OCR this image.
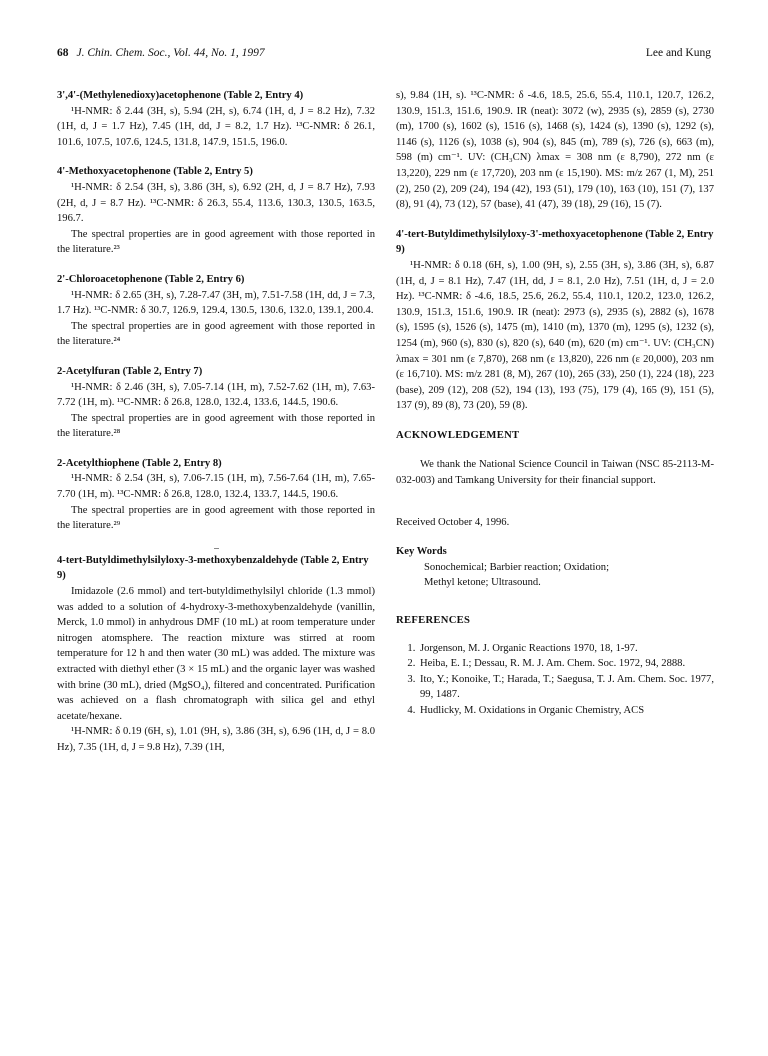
68 J. Chin. Chem. Soc., Vol. 44, No. 1, 1997	Lee and Kung
3',4'-(Methylenedioxy)acetophenone (Table 2, Entry 4)

¹H-NMR: δ 2.44 (3H, s), 5.94 (2H, s), 6.74 (1H, d, J = 8.2 Hz), 7.32 (1H, d, J = 1.7 Hz), 7.45 (1H, dd, J = 8.2, 1.7 Hz). ¹³C-NMR: δ 26.1, 101.6, 107.5, 107.6, 124.5, 131.8, 147.9, 151.5, 196.0.

4'-Methoxyacetophenone (Table 2, Entry 5)

¹H-NMR: δ 2.54 (3H, s), 3.86 (3H, s), 6.92 (2H, d, J = 8.7 Hz), 7.93 (2H, d, J = 8.7 Hz). ¹³C-NMR: δ 26.3, 55.4, 113.6, 130.3, 130.5, 163.5, 196.7.

The spectral properties are in good agreement with those reported in the literature.²³

2'-Chloroacetophenone (Table 2, Entry 6)

¹H-NMR: δ 2.65 (3H, s), 7.28-7.47 (3H, m), 7.51-7.58 (1H, dd, J = 7.3, 1.7 Hz). ¹³C-NMR: δ 30.7, 126.9, 129.4, 130.5, 130.6, 132.0, 139.1, 200.4.

The spectral properties are in good agreement with those reported in the literature.²⁴

2-Acetylfuran (Table 2, Entry 7)

¹H-NMR: δ 2.46 (3H, s), 7.05-7.14 (1H, m), 7.52-7.62 (1H, m), 7.63-7.72 (1H, m). ¹³C-NMR: δ 26.8, 128.0, 132.4, 133.6, 144.5, 190.6.

The spectral properties are in good agreement with those reported in the literature.²⁸

2-Acetylthiophene (Table 2, Entry 8)

¹H-NMR: δ 2.54 (3H, s), 7.06-7.15 (1H, m), 7.56-7.64 (1H, m), 7.65-7.70 (1H, m). ¹³C-NMR: δ 26.8, 128.0, 132.4, 133.7, 144.5, 190.6.

The spectral properties are in good agreement with those reported in the literature.²⁹

4-tert-Butyldimethylsilyloxy-3-methoxybenzaldehyde (Table 2, Entry 9)

Imidazole (2.6 mmol) and tert-butyldimethylsilyl chloride (1.3 mmol) was added to a solution of 4-hydroxy-3-methoxybenzaldehyde (vanillin, Merck, 1.0 mmol) in anhydrous DMF (10 mL) at room temperature under nitrogen atomsphere. The reaction mixture was stirred at room temperature for 12 h and then water (30 mL) was added. The mixture was extracted with diethyl ether (3 × 15 mL) and the organic layer was washed with brine (30 mL), dried (MgSO₄), filtered and concentrated. Purification was achieved on a flash chromatograph with silica gel and ethyl acetate/hexane.

¹H-NMR: δ 0.19 (6H, s), 1.01 (9H, s), 3.86 (3H, s), 6.96 (1H, d, J = 8.0 Hz), 7.35 (1H, d, J = 9.8 Hz), 7.39 (1H,

s), 9.84 (1H, s). ¹³C-NMR: δ -4.6, 18.5, 25.6, 55.4, 110.1, 120.7, 126.2, 130.9, 151.3, 151.6, 190.9. IR (neat): 3072 (w), 2935 (s), 2859 (s), 2730 (m), 1700 (s), 1602 (s), 1516 (s), 1468 (s), 1424 (s), 1390 (s), 1292 (s), 1146 (s), 1126 (s), 1038 (s), 904 (s), 845 (m), 789 (s), 726 (s), 663 (m), 598 (m) cm⁻¹. UV: (CH₃CN) λmax = 308 nm (ε 8,790), 272 nm (ε 13,220), 229 nm (ε 17,720), 203 nm (ε 15,190). MS: m/z 267 (1, M), 251 (2), 250 (2), 209 (24), 194 (42), 193 (51), 179 (10), 163 (10), 151 (7), 137 (8), 91 (4), 73 (12), 57 (base), 41 (47), 39 (18), 29 (16), 15 (7).

4'-tert-Butyldimethylsilyloxy-3'-methoxyacetophenone (Table 2, Entry 9)

¹H-NMR: δ 0.18 (6H, s), 1.00 (9H, s), 2.55 (3H, s), 3.86 (3H, s), 6.87 (1H, d, J = 8.1 Hz), 7.47 (1H, dd, J = 8.1, 2.0 Hz), 7.51 (1H, d, J = 2.0 Hz). ¹³C-NMR: δ -4.6, 18.5, 25.6, 26.2, 55.4, 110.1, 120.2, 123.0, 126.2, 130.9, 151.3, 151.6, 190.9. IR (neat): 2973 (s), 2935 (s), 2882 (s), 1678 (s), 1595 (s), 1526 (s), 1475 (m), 1410 (m), 1370 (m), 1295 (s), 1232 (s), 1254 (m), 960 (s), 830 (s), 820 (s), 640 (m), 620 (m) cm⁻¹. UV: (CH₃CN) λmax = 301 nm (ε 7,870), 268 nm (ε 13,820), 226 nm (ε 20,000), 203 nm (ε 16,710). MS: m/z 281 (8, M), 267 (10), 265 (33), 250 (1), 224 (18), 223 (base), 209 (12), 208 (52), 194 (13), 193 (75), 179 (4), 165 (9), 151 (5), 137 (9), 89 (8), 73 (20), 59 (8).

ACKNOWLEDGEMENT

We thank the National Science Council in Taiwan (NSC 85-2113-M-032-003) and Tamkang University for their financial support.

Received October 4, 1996.
Key Words

Sonochemical; Barbier reaction; Oxidation;

Methyl ketone; Ultrasound.

REFERENCES
1. Jorgenson, M. J. Organic Reactions 1970, 18, 1-97.
2. Heiba, E. I.; Dessau, R. M. J. Am. Chem. Soc. 1972, 94, 2888.
3. Ito, Y.; Konoike, T.; Harada, T.; Saegusa, T. J. Am. Chem. Soc. 1977, 99, 1487.
4. Hudlicky, M. Oxidations in Organic Chemistry, ACS
